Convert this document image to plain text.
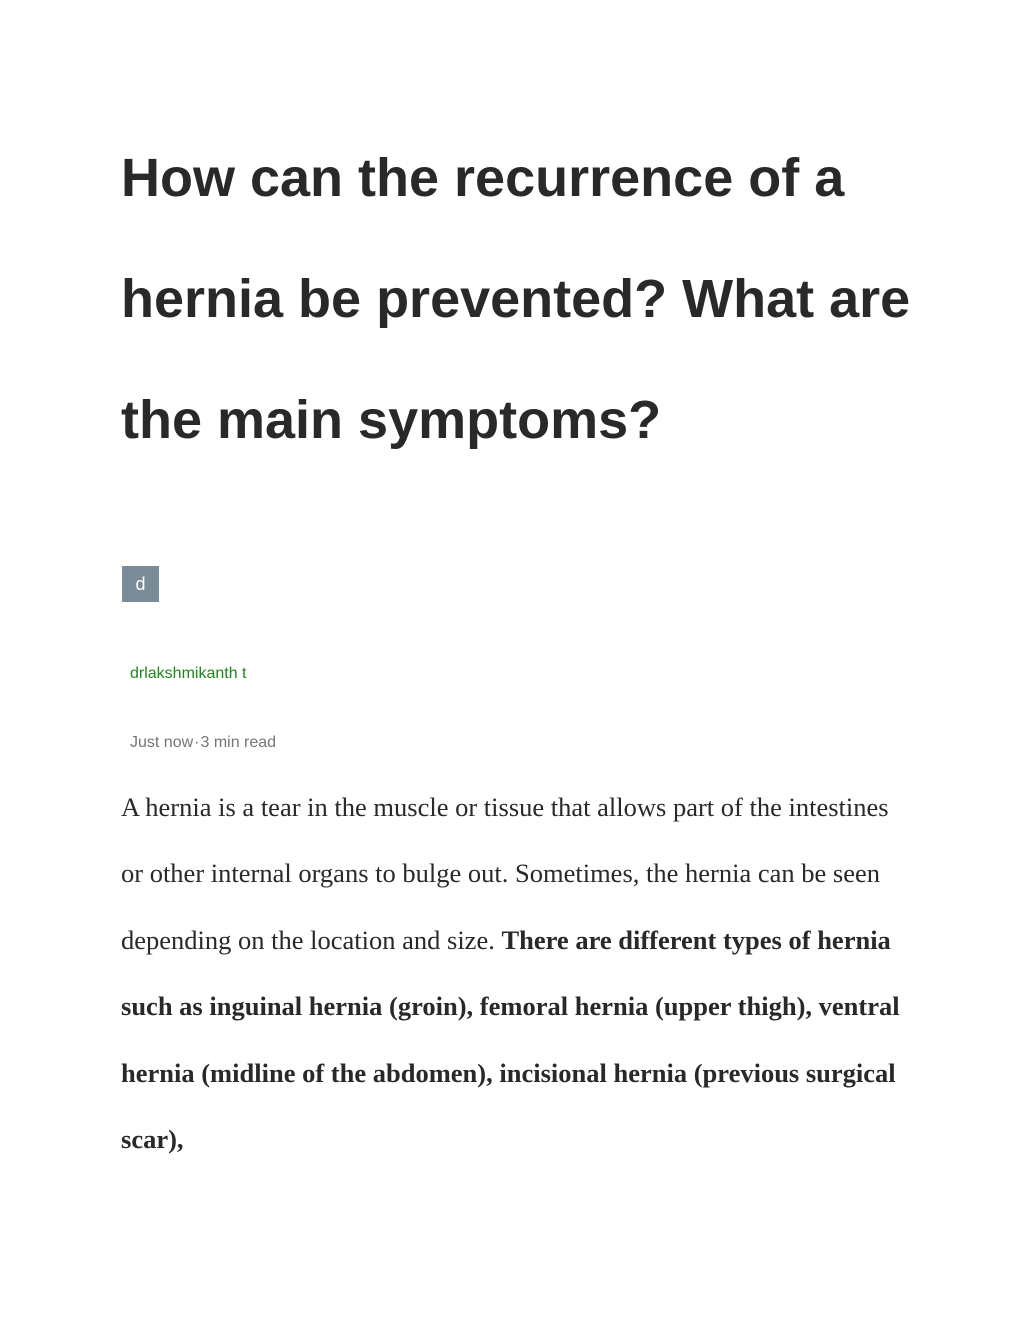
How can the recurrence of a hernia be prevented? What are the main symptoms?
d
drlakshmikanth t
Just now·3 min read

A hernia is a tear in the muscle or tissue that allows part of the intestines or other internal organs to bulge out. Sometimes, the hernia can be seen depending on the location and size. There are different types of hernia such as inguinal hernia (groin), femoral hernia (upper thigh), ventral hernia (midline of the abdomen), incisional hernia (previous surgical scar),
